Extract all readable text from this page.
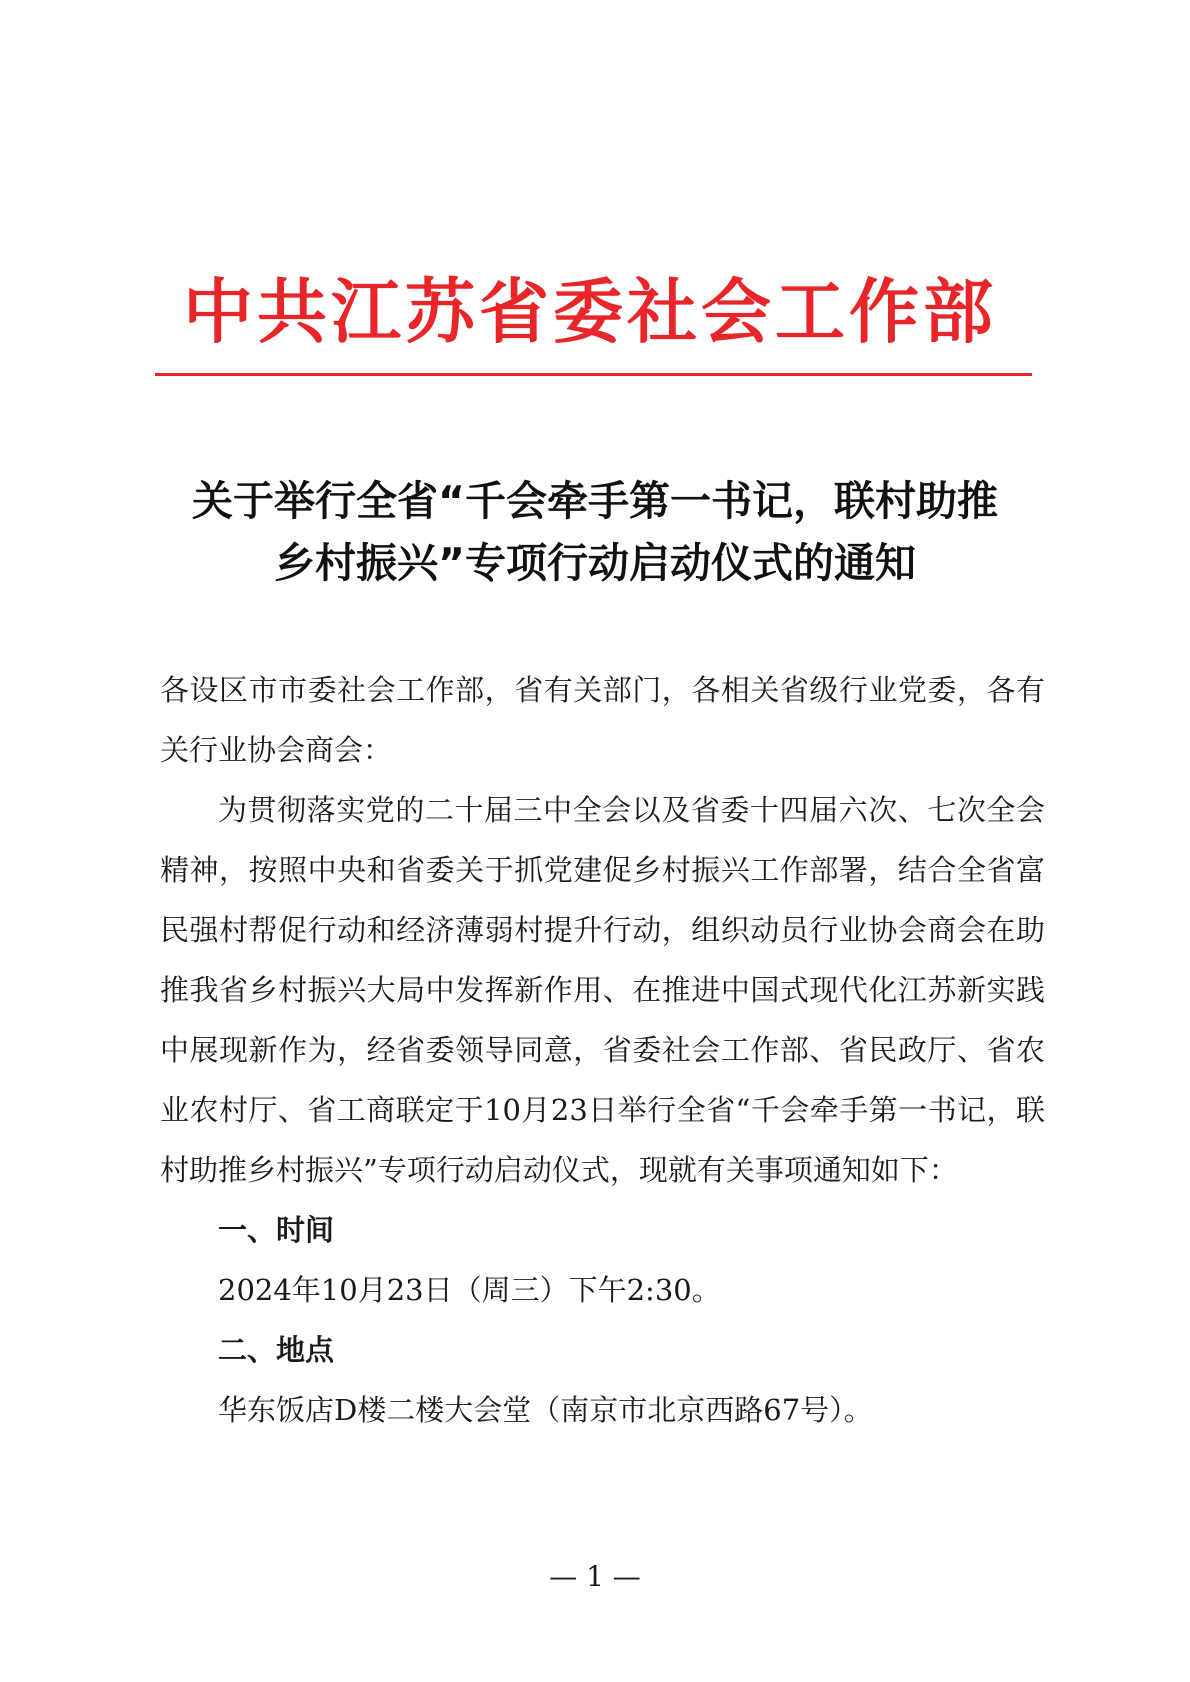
中共江苏省委社会工作部
关于举行全省“千会牵手第一书记，联村助推
乡村振兴”专项行动启动仪式的通知

各设区市市委社会工作部，省有关部门，各相关省级行业党委，各有关行业协会商会：

为贯彻落实党的二十届三中全会以及省委十四届六次、七次全会精神，按照中央和省委关于抓党建促乡村振兴工作部署，结合全省富民强村帮促行动和经济薄弱村提升行动，组织动员行业协会商会在助推我省乡村振兴大局中发挥新作用、在推进中国式现代化江苏新实践中展现新作为，经省委领导同意，省委社会工作部、省民政厅、省农业农村厅、省工商联定于10月23日举行全省“千会牵手第一书记，联村助推乡村振兴”专项行动启动仪式，现就有关事项通知如下：

一、时间

2024年10月23日（周三）下午2:30。

二、地点

华东饭店D楼二楼大会堂（南京市北京西路67号）。

— 1 —
